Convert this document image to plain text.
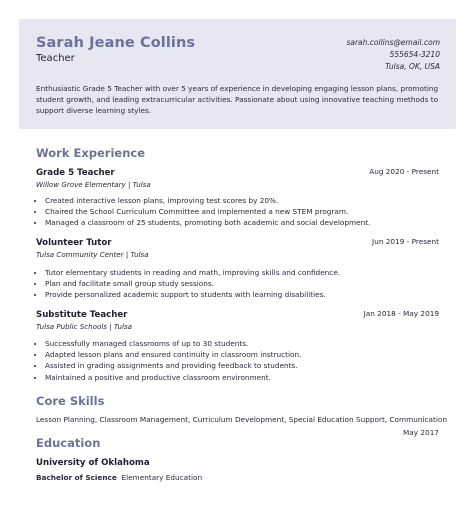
Sarah Jeane Collins
Teacher
sarah.collins@email.com
555654-3210
Tulsa, OK, USA
Enthusiastic Grade 5 Teacher with over 5 years of experience in developing engaging lesson plans, promoting student growth, and leading extracurricular activities. Passionate about using innovative teaching methods to support diverse learning styles.
Work Experience
Grade 5 Teacher	Aug 2020 - Present
Willow Grove Elementary | Tulsa
• Created interactive lesson plans, improving test scores by 20%.
• Chaired the School Curriculum Committee and implemented a new STEM program.
• Managed a classroom of 25 students, promoting both academic and social development.
Volunteer Tutor	Jun 2019 - Present
Tulsa Community Center | Tulsa
• Tutor elementary students in reading and math, improving skills and confidence.
• Plan and facilitate small group study sessions.
• Provide personalized academic support to students with learning disabilities.
Substitute Teacher	Jan 2018 - May 2019
Tulsa Public Schools | Tulsa
• Successfully managed classrooms of up to 30 students.
• Adapted lesson plans and ensured continuity in classroom instruction.
• Assisted in grading assignments and providing feedback to students.
• Maintained a positive and productive classroom environment.
Core Skills
Lesson Planning, Classroom Management, Curriculum Development, Special Education Support, Communication
Education
May 2017
University of Oklahoma
Bachelor of Science Elementary Education
